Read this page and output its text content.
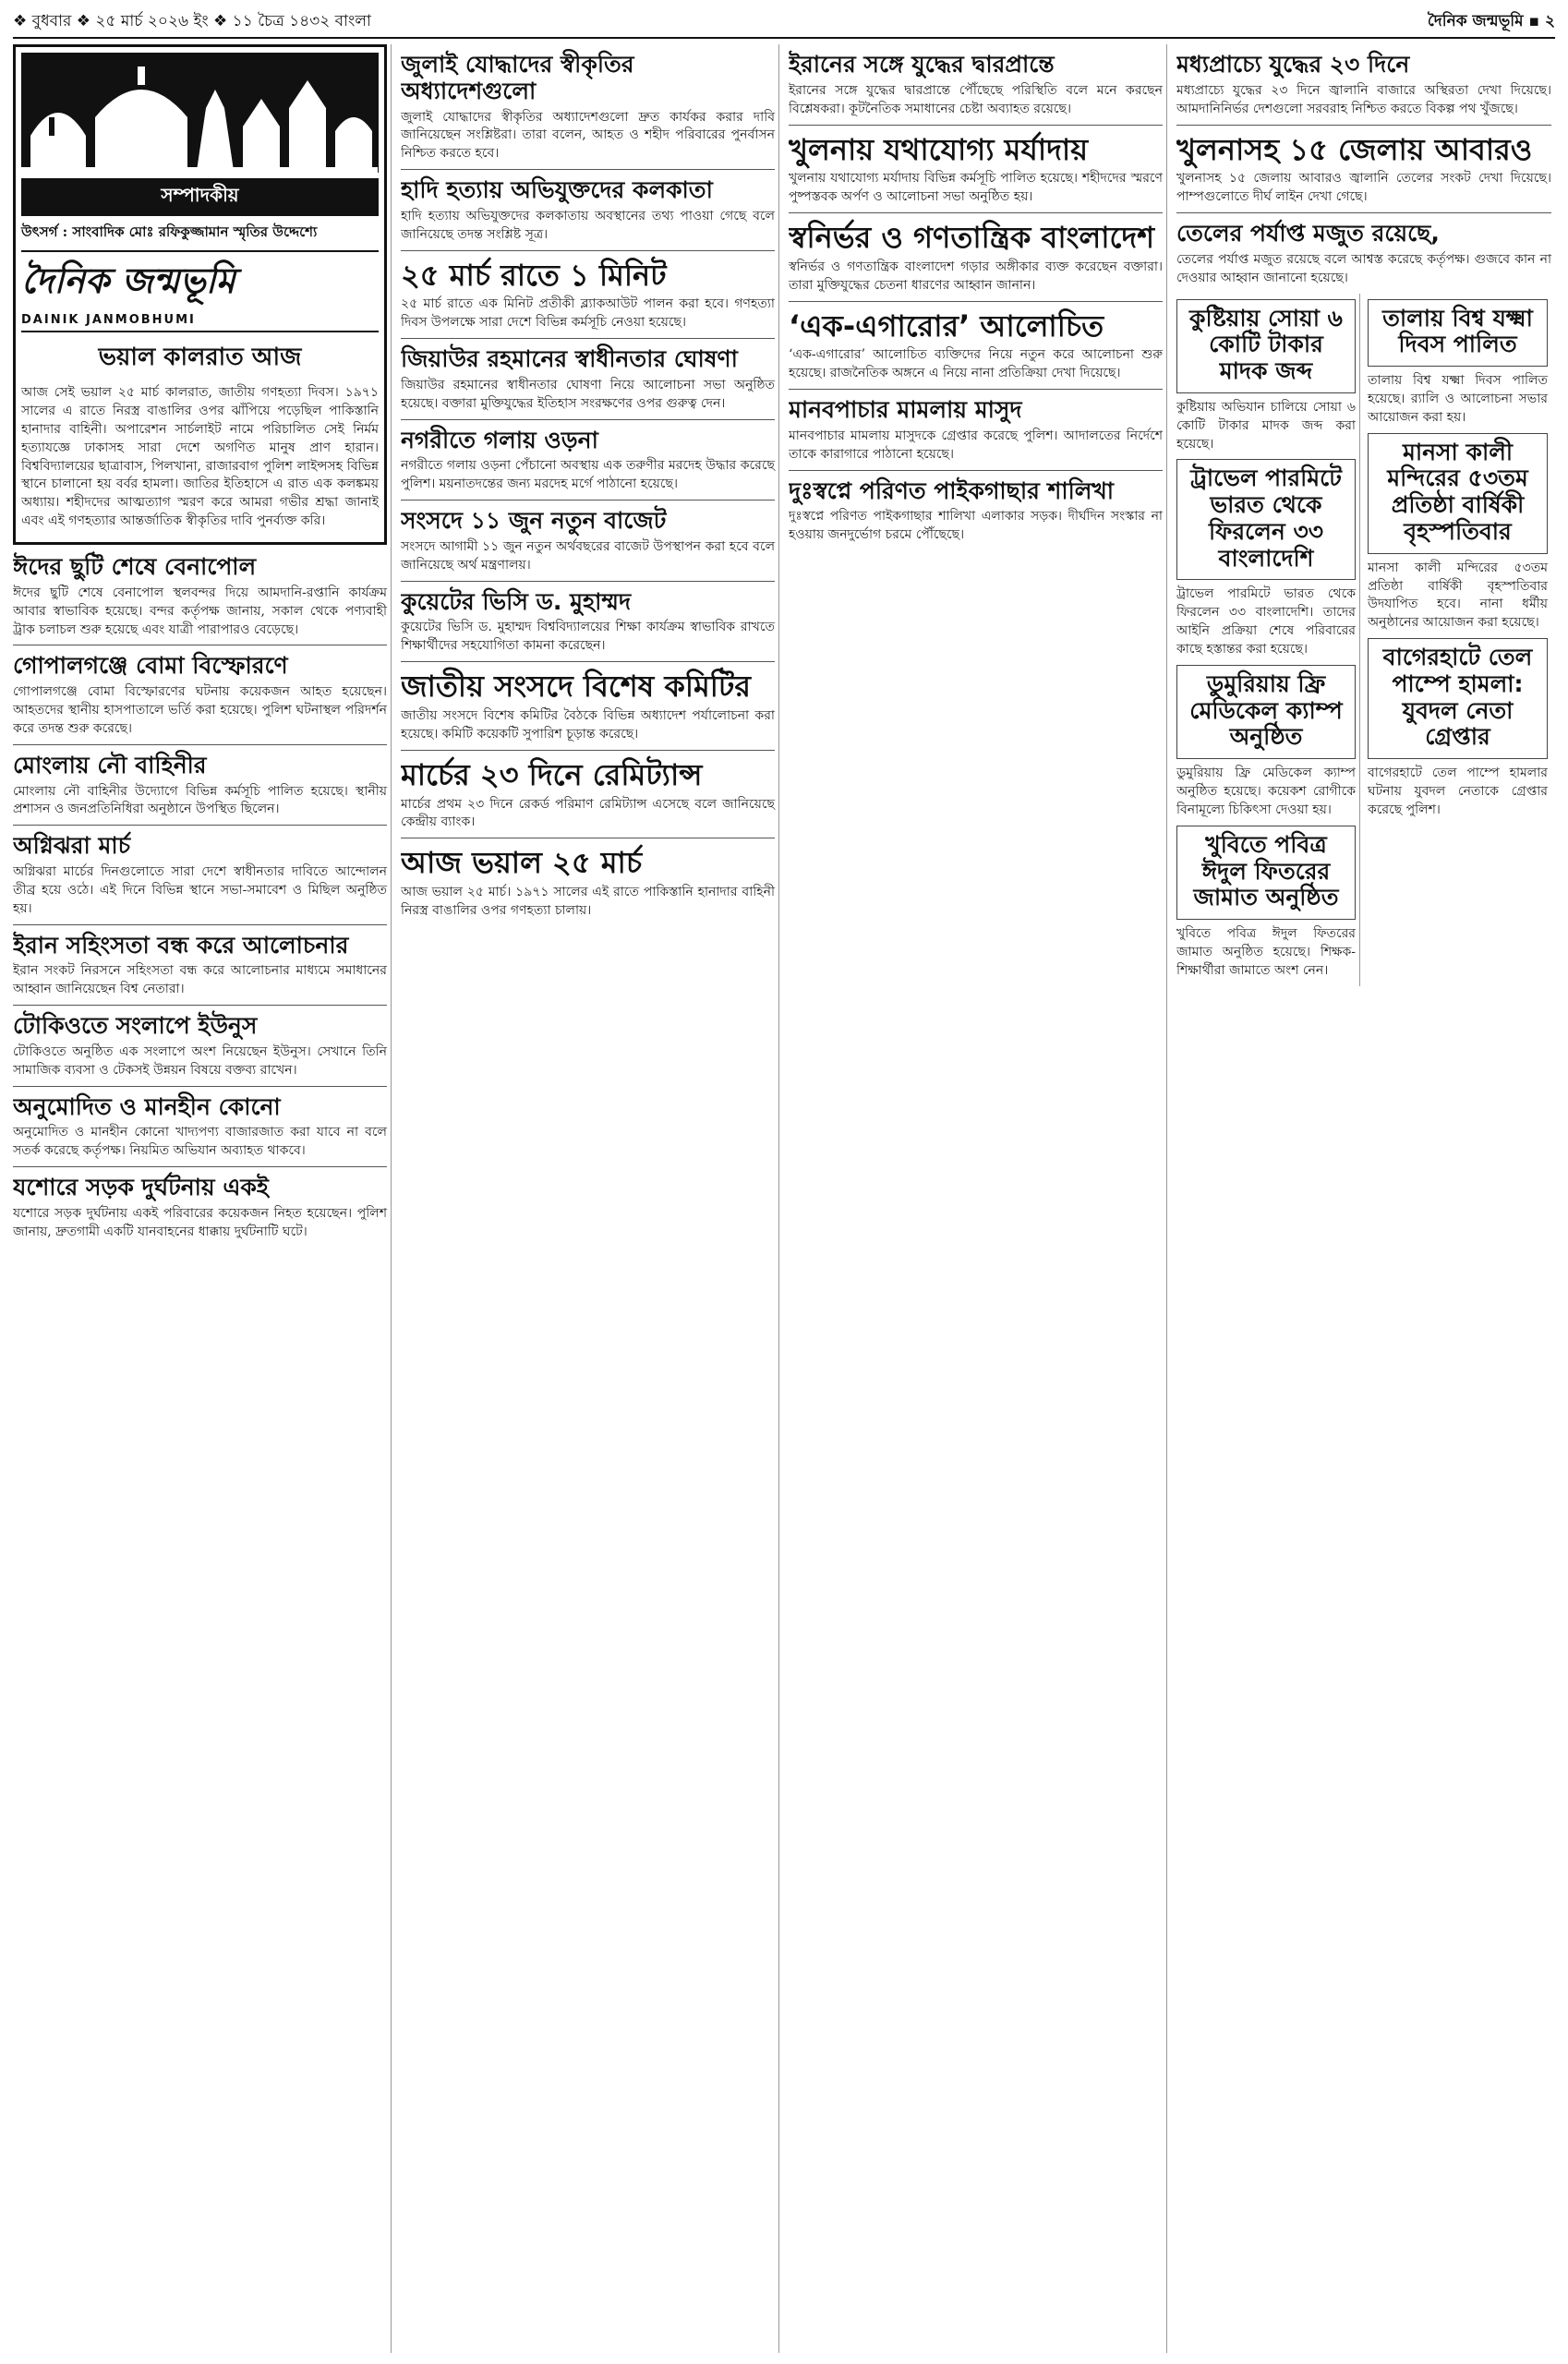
❖ বুধবার ❖ ২৫ মার্চ ২০২৬ ইং ❖ ১১ চৈত্র ১৪৩২ বাংলা	দৈনিক জন্মভূমি ▪ ২
সম্পাদকীয়
উৎসর্গ : সাংবাদিক মোঃ রফিকুজ্জামান স্মৃতির উদ্দেশ্যে
দৈনিক জন্মভূমি
DAINIK JANMOBHUMI
ভয়াল কালরাত আজ

আজ সেই ভয়াল ২৫ মার্চ কালরাত, জাতীয় গণহত্যা দিবস। ১৯৭১ সালের এ রাতে নিরস্ত্র বাঙালির ওপর ঝাঁপিয়ে পড়েছিল পাকিস্তানি হানাদার বাহিনী। অপারেশন সার্চলাইট নামে পরিচালিত সেই নির্মম হত্যাযজ্ঞে ঢাকাসহ সারা দেশে অগণিত মানুষ প্রাণ হারান। বিশ্ববিদ্যালয়ের ছাত্রাবাস, পিলখানা, রাজারবাগ পুলিশ লাইন্সসহ বিভিন্ন স্থানে চালানো হয় বর্বর হামলা। জাতির ইতিহাসে এ রাত এক কলঙ্কময় অধ্যায়। শহীদদের আত্মত্যাগ স্মরণ করে আমরা গভীর শ্রদ্ধা জানাই এবং এই গণহত্যার আন্তর্জাতিক স্বীকৃতির দাবি পুনর্ব্যক্ত করি।

ঈদের ছুটি শেষে বেনাপোল

ঈদের ছুটি শেষে বেনাপোল স্থলবন্দর দিয়ে আমদানি-রপ্তানি কার্যক্রম আবার স্বাভাবিক হয়েছে। বন্দর কর্তৃপক্ষ জানায়, সকাল থেকে পণ্যবাহী ট্রাক চলাচল শুরু হয়েছে এবং যাত্রী পারাপারও বেড়েছে।

গোপালগঞ্জে বোমা বিস্ফোরণে

গোপালগঞ্জে বোমা বিস্ফোরণের ঘটনায় কয়েকজন আহত হয়েছেন। আহতদের স্থানীয় হাসপাতালে ভর্তি করা হয়েছে। পুলিশ ঘটনাস্থল পরিদর্শন করে তদন্ত শুরু করেছে।

মোংলায় নৌ বাহিনীর

মোংলায় নৌ বাহিনীর উদ্যোগে বিভিন্ন কর্মসূচি পালিত হয়েছে। স্থানীয় প্রশাসন ও জনপ্রতিনিধিরা অনুষ্ঠানে উপস্থিত ছিলেন।

অগ্নিঝরা মার্চ

অগ্নিঝরা মার্চের দিনগুলোতে সারা দেশে স্বাধীনতার দাবিতে আন্দোলন তীব্র হয়ে ওঠে। এই দিনে বিভিন্ন স্থানে সভা-সমাবেশ ও মিছিল অনুষ্ঠিত হয়।

ইরান সহিংসতা বন্ধ করে আলোচনার

ইরান সংকট নিরসনে সহিংসতা বন্ধ করে আলোচনার মাধ্যমে সমাধানের আহ্বান জানিয়েছেন বিশ্ব নেতারা।

টোকিওতে সংলাপে ইউনুস

টোকিওতে অনুষ্ঠিত এক সংলাপে অংশ নিয়েছেন ইউনুস। সেখানে তিনি সামাজিক ব্যবসা ও টেকসই উন্নয়ন বিষয়ে বক্তব্য রাখেন।

অনুমোদিত ও মানহীন কোনো

অনুমোদিত ও মানহীন কোনো খাদ্যপণ্য বাজারজাত করা যাবে না বলে সতর্ক করেছে কর্তৃপক্ষ। নিয়মিত অভিযান অব্যাহত থাকবে।

যশোরে সড়ক দুর্ঘটনায় একই

যশোরে সড়ক দুর্ঘটনায় একই পরিবারের কয়েকজন নিহত হয়েছেন। পুলিশ জানায়, দ্রুতগামী একটি যানবাহনের ধাক্কায় দুর্ঘটনাটি ঘটে।

জুলাই যোদ্ধাদের স্বীকৃতির অধ্যাদেশগুলো

জুলাই যোদ্ধাদের স্বীকৃতির অধ্যাদেশগুলো দ্রুত কার্যকর করার দাবি জানিয়েছেন সংশ্লিষ্টরা। তারা বলেন, আহত ও শহীদ পরিবারের পুনর্বাসন নিশ্চিত করতে হবে।

হাদি হত্যায় অভিযুক্তদের কলকাতা

হাদি হত্যায় অভিযুক্তদের কলকাতায় অবস্থানের তথ্য পাওয়া গেছে বলে জানিয়েছে তদন্ত সংশ্লিষ্ট সূত্র।

২৫ মার্চ রাতে ১ মিনিট

২৫ মার্চ রাতে এক মিনিট প্রতীকী ব্ল্যাকআউট পালন করা হবে। গণহত্যা দিবস উপলক্ষে সারা দেশে বিভিন্ন কর্মসূচি নেওয়া হয়েছে।

জিয়াউর রহমানের স্বাধীনতার ঘোষণা

জিয়াউর রহমানের স্বাধীনতার ঘোষণা নিয়ে আলোচনা সভা অনুষ্ঠিত হয়েছে। বক্তারা মুক্তিযুদ্ধের ইতিহাস সংরক্ষণের ওপর গুরুত্ব দেন।

নগরীতে গলায় ওড়না

নগরীতে গলায় ওড়না পেঁচানো অবস্থায় এক তরুণীর মরদেহ উদ্ধার করেছে পুলিশ। ময়নাতদন্তের জন্য মরদেহ মর্গে পাঠানো হয়েছে।

সংসদে ১১ জুন নতুন বাজেট

সংসদে আগামী ১১ জুন নতুন অর্থবছরের বাজেট উপস্থাপন করা হবে বলে জানিয়েছে অর্থ মন্ত্রণালয়।

কুয়েটের ভিসি ড. মুহাম্মদ

কুয়েটের ভিসি ড. মুহাম্মদ বিশ্ববিদ্যালয়ের শিক্ষা কার্যক্রম স্বাভাবিক রাখতে শিক্ষার্থীদের সহযোগিতা কামনা করেছেন।

জাতীয় সংসদে বিশেষ কমিটির

জাতীয় সংসদে বিশেষ কমিটির বৈঠকে বিভিন্ন অধ্যাদেশ পর্যালোচনা করা হয়েছে। কমিটি কয়েকটি সুপারিশ চূড়ান্ত করেছে।

মার্চের ২৩ দিনে রেমিট্যান্স

মার্চের প্রথম ২৩ দিনে রেকর্ড পরিমাণ রেমিট্যান্স এসেছে বলে জানিয়েছে কেন্দ্রীয় ব্যাংক।

আজ ভয়াল ২৫ মার্চ

আজ ভয়াল ২৫ মার্চ। ১৯৭১ সালের এই রাতে পাকিস্তানি হানাদার বাহিনী নিরস্ত্র বাঙালির ওপর গণহত্যা চালায়।

ইরানের সঙ্গে যুদ্ধের দ্বারপ্রান্তে

ইরানের সঙ্গে যুদ্ধের দ্বারপ্রান্তে পৌঁছেছে পরিস্থিতি বলে মনে করছেন বিশ্লেষকরা। কূটনৈতিক সমাধানের চেষ্টা অব্যাহত রয়েছে।

খুলনায় যথাযোগ্য মর্যাদায়

খুলনায় যথাযোগ্য মর্যাদায় বিভিন্ন কর্মসূচি পালিত হয়েছে। শহীদদের স্মরণে পুষ্পস্তবক অর্পণ ও আলোচনা সভা অনুষ্ঠিত হয়।

স্বনির্ভর ও গণতান্ত্রিক বাংলাদেশ

স্বনির্ভর ও গণতান্ত্রিক বাংলাদেশ গড়ার অঙ্গীকার ব্যক্ত করেছেন বক্তারা। তারা মুক্তিযুদ্ধের চেতনা ধারণের আহ্বান জানান।

‘এক-এগারোর’ আলোচিত

‘এক-এগারোর’ আলোচিত ব্যক্তিদের নিয়ে নতুন করে আলোচনা শুরু হয়েছে। রাজনৈতিক অঙ্গনে এ নিয়ে নানা প্রতিক্রিয়া দেখা দিয়েছে।

মানবপাচার মামলায় মাসুদ

মানবপাচার মামলায় মাসুদকে গ্রেপ্তার করেছে পুলিশ। আদালতের নির্দেশে তাকে কারাগারে পাঠানো হয়েছে।

দুঃস্বপ্নে পরিণত পাইকগাছার শালিখা

দুঃস্বপ্নে পরিণত পাইকগাছার শালিখা এলাকার সড়ক। দীর্ঘদিন সংস্কার না হওয়ায় জনদুর্ভোগ চরমে পৌঁছেছে।

মধ্যপ্রাচ্যে যুদ্ধের ২৩ দিনে

মধ্যপ্রাচ্যে যুদ্ধের ২৩ দিনে জ্বালানি বাজারে অস্থিরতা দেখা দিয়েছে। আমদানিনির্ভর দেশগুলো সরবরাহ নিশ্চিত করতে বিকল্প পথ খুঁজছে।

খুলনাসহ ১৫ জেলায় আবারও

খুলনাসহ ১৫ জেলায় আবারও জ্বালানি তেলের সংকট দেখা দিয়েছে। পাম্পগুলোতে দীর্ঘ লাইন দেখা গেছে।

তেলের পর্যাপ্ত মজুত রয়েছে,

তেলের পর্যাপ্ত মজুত রয়েছে বলে আশ্বস্ত করেছে কর্তৃপক্ষ। গুজবে কান না দেওয়ার আহ্বান জানানো হয়েছে।

কুষ্টিয়ায় সোয়া ৬ কোটি টাকার মাদক জব্দ

কুষ্টিয়ায় অভিযান চালিয়ে সোয়া ৬ কোটি টাকার মাদক জব্দ করা হয়েছে।

ট্রাভেল পারমিটে ভারত থেকে ফিরলেন ৩৩ বাংলাদেশি

ট্রাভেল পারমিটে ভারত থেকে ফিরলেন ৩৩ বাংলাদেশি। তাদের আইনি প্রক্রিয়া শেষে পরিবারের কাছে হস্তান্তর করা হয়েছে।

ডুমুরিয়ায় ফ্রি মেডিকেল ক্যাম্প অনুষ্ঠিত

ডুমুরিয়ায় ফ্রি মেডিকেল ক্যাম্প অনুষ্ঠিত হয়েছে। কয়েকশ রোগীকে বিনামূল্যে চিকিৎসা দেওয়া হয়।

খুবিতে পবিত্র ঈদুল ফিতরের জামাত অনুষ্ঠিত

খুবিতে পবিত্র ঈদুল ফিতরের জামাত অনুষ্ঠিত হয়েছে। শিক্ষক-শিক্ষার্থীরা জামাতে অংশ নেন।

তালায় বিশ্ব যক্ষ্মা দিবস পালিত

তালায় বিশ্ব যক্ষ্মা দিবস পালিত হয়েছে। র‍্যালি ও আলোচনা সভার আয়োজন করা হয়।

মানসা কালী মন্দিরের ৫৩তম প্রতিষ্ঠা বার্ষিকী বৃহস্পতিবার

মানসা কালী মন্দিরের ৫৩তম প্রতিষ্ঠা বার্ষিকী বৃহস্পতিবার উদযাপিত হবে। নানা ধর্মীয় অনুষ্ঠানের আয়োজন করা হয়েছে।

বাগেরহাটে তেল পাম্পে হামলা: যুবদল নেতা গ্রেপ্তার

বাগেরহাটে তেল পাম্পে হামলার ঘটনায় যুবদল নেতাকে গ্রেপ্তার করেছে পুলিশ।
